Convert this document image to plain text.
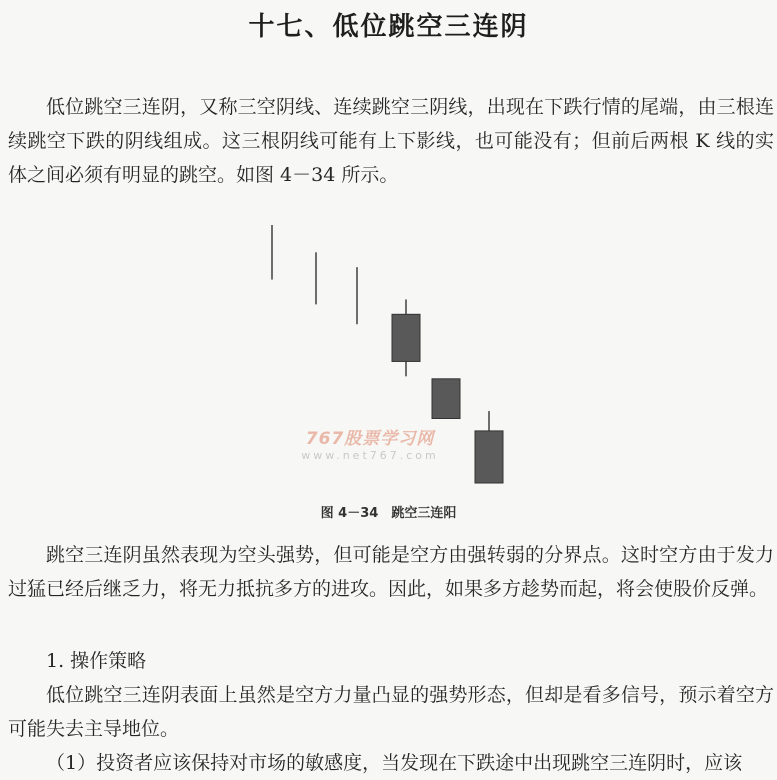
十七、低位跳空三连阴

低位跳空三连阴，又称三空阴线、连续跳空三阴线，出现在下跌行情的尾端，由三根连续跳空下跌的阴线组成。这三根阴线可能有上下影线，也可能没有；但前后两根 K 线的实体之间必须有明显的跳空。如图 4－34 所示。

767股票学习网
www.net767.com
图 4－34　跳空三连阳

跳空三连阴虽然表现为空头强势，但可能是空方由强转弱的分界点。这时空方由于发力过猛已经后继乏力，将无力抵抗多方的进攻。因此，如果多方趁势而起，将会使股价反弹。

1. 操作策略

低位跳空三连阴表面上虽然是空方力量凸显的强势形态，但却是看多信号，预示着空方可能失去主导地位。

（1）投资者应该保持对市场的敏感度，当发现在下跌途中出现跳空三连阴时，应该
